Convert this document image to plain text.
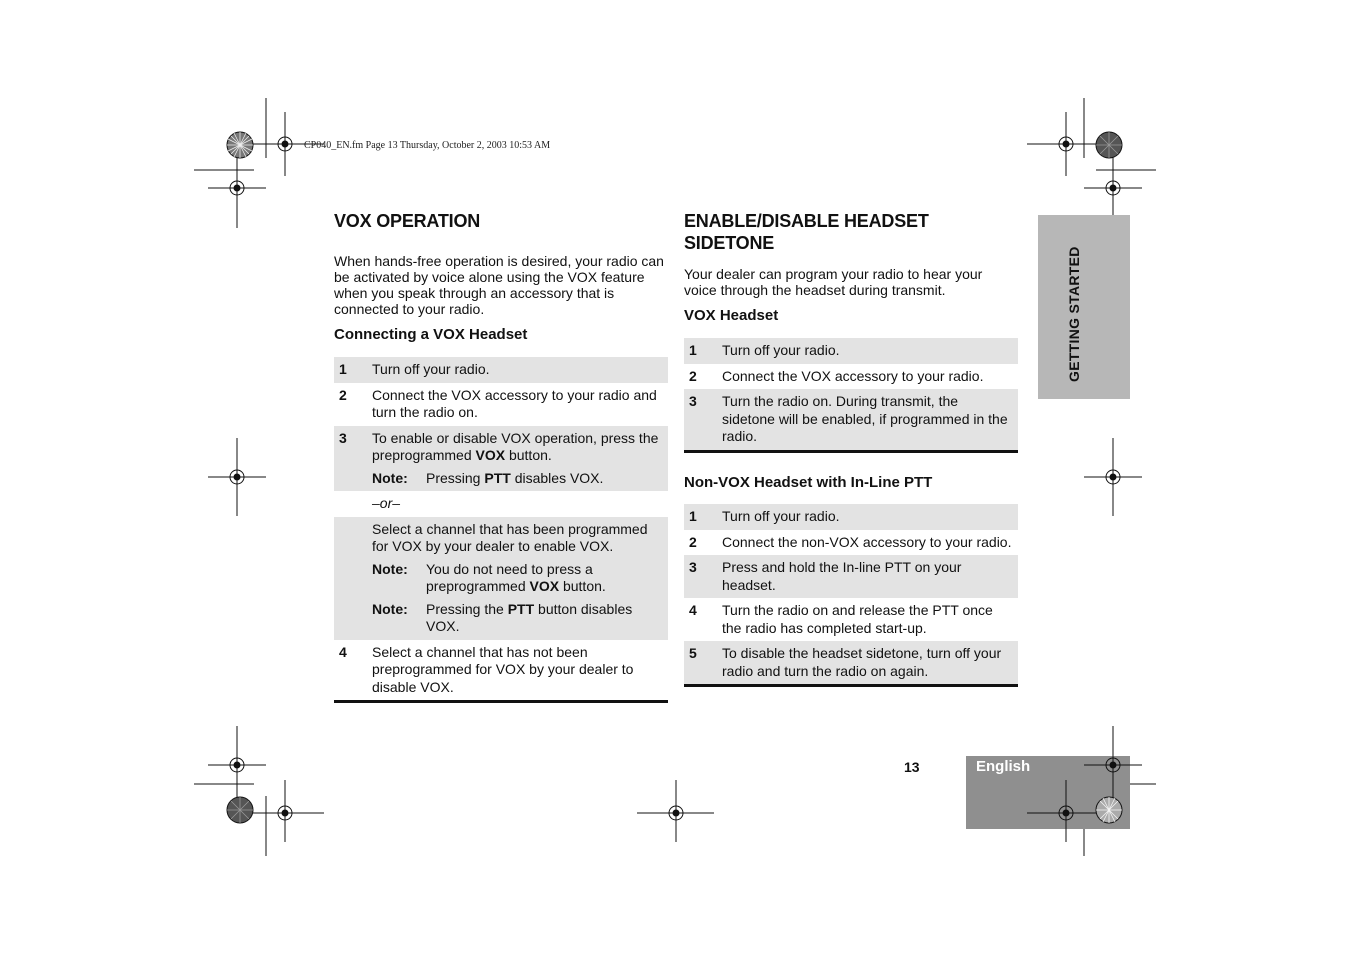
CP040_EN.fm Page 13 Thursday, October 2, 2003 10:53 AM
VOX OPERATION
When hands-free operation is desired, your radio can be activated by voice alone using the VOX feature when you speak through an accessory that is connected to your radio.
Connecting a VOX Headset
1	Turn off your radio.
2	Connect the VOX accessory to your radio and turn the radio on.
3	To enable or disable VOX operation, press the preprogrammed VOX button.
Note:	Pressing PTT disables VOX.
–or–
Select a channel that has been programmed for VOX by your dealer to enable VOX.
Note:	You do not need to press a preprogrammed VOX button.
Note:	Pressing the PTT button disables VOX.
4	Select a channel that has not been preprogrammed for VOX by your dealer to disable VOX.
ENABLE/DISABLE HEADSET SIDETONE
Your dealer can program your radio to hear your voice through the headset during transmit.
VOX Headset
1	Turn off your radio.
2	Connect the VOX accessory to your radio.
3	Turn the radio on. During transmit, the sidetone will be enabled, if programmed in the radio.
Non-VOX Headset with In-Line PTT
1	Turn off your radio.
2	Connect the non-VOX accessory to your radio.
3	Press and hold the In-line PTT on your headset.
4	Turn the radio on and release the PTT once the radio has completed start-up.
5	To disable the headset sidetone, turn off your radio and turn the radio on again.
GETTING STARTED
13	English
